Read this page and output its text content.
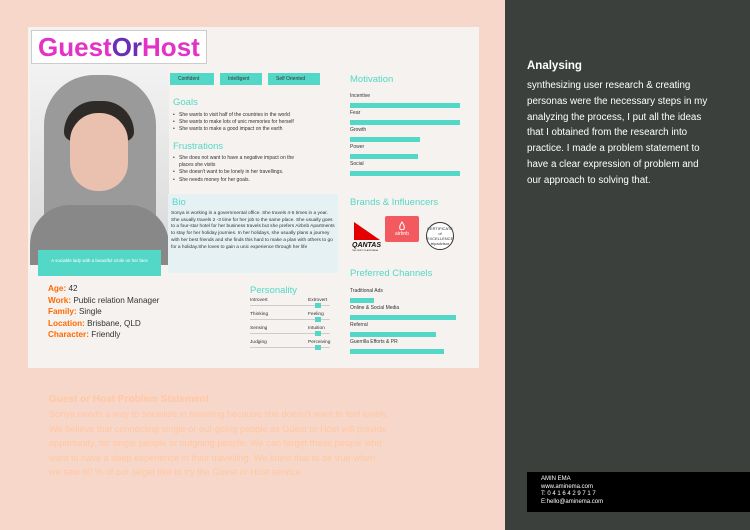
Guest Or Host
A sociable lady with a beautiful smile on her face
Age: 42
Work: Public relation Manager
Family: Single
Location: Brisbane, QLD
Character: Friendly
Confident	Intelligent	Self Oriented
Goals
• She wants to visit half of the countries in the world
• She wants to make lots of unic memories for herself
• She wants to make a good impact on the earth
Frustrations
• She does not want to have a negative impact on the places she visits
• She doesn't want to be lonely in her travellings.
• She needs money for her goals.
Bio
Sonya is working in a governmental office. She travels 4-5 times in a year. She usually travels 2 -3 time for her job to the same place. She usually goes to a four-star hotel for her business travels but she prefers Airbnb Apartments to stay for her holiday journies. In her holidays, she usually plans a journey with her best friends and she finds this hard to make a plan with others to go for a holiday.She loves to gain a unic experience through her life
Motivation
Incentive
Fear
Growth
Power
Social
Brands & Influencers
QANTAS
THE SPIRIT OF AUSTRALIA
airbnb
CERTIFICATE of EXCELLENCE
tripadvisor
Preferred Channels
Traditional Ads
Online & Social Media
Referral
Guerrilla Efforts & PR
Personality
Introvert	Extrovert
Thinking	Feeling
Sensing	Intuition
Judging	Perceiving
Guest or Host Problem Statement
Sonya needs a way to socialize in traveling because she doesn't want to feel lonely.
We believe that connecting single or out-going people as Guest or Host will provide
opportunity, for single people or outgoing people. We can target these people who
want to have a deep experience in their travelling. We knew that to be true when
we saw 60 % of our target like to try the Guest or Host service.
Analysing
synthesizing user research & creating
personas were the necessary steps in my
analyzing the process, I put all the ideas
that I obtained from the research into
practice. I made a problem statement to
have a clear expression of problem and
our approach to solving that.
AMIN EMA
www.aminema.com
T: 0 4 1 6 4 2 9 7 1 7
E:hello@aminema.com
